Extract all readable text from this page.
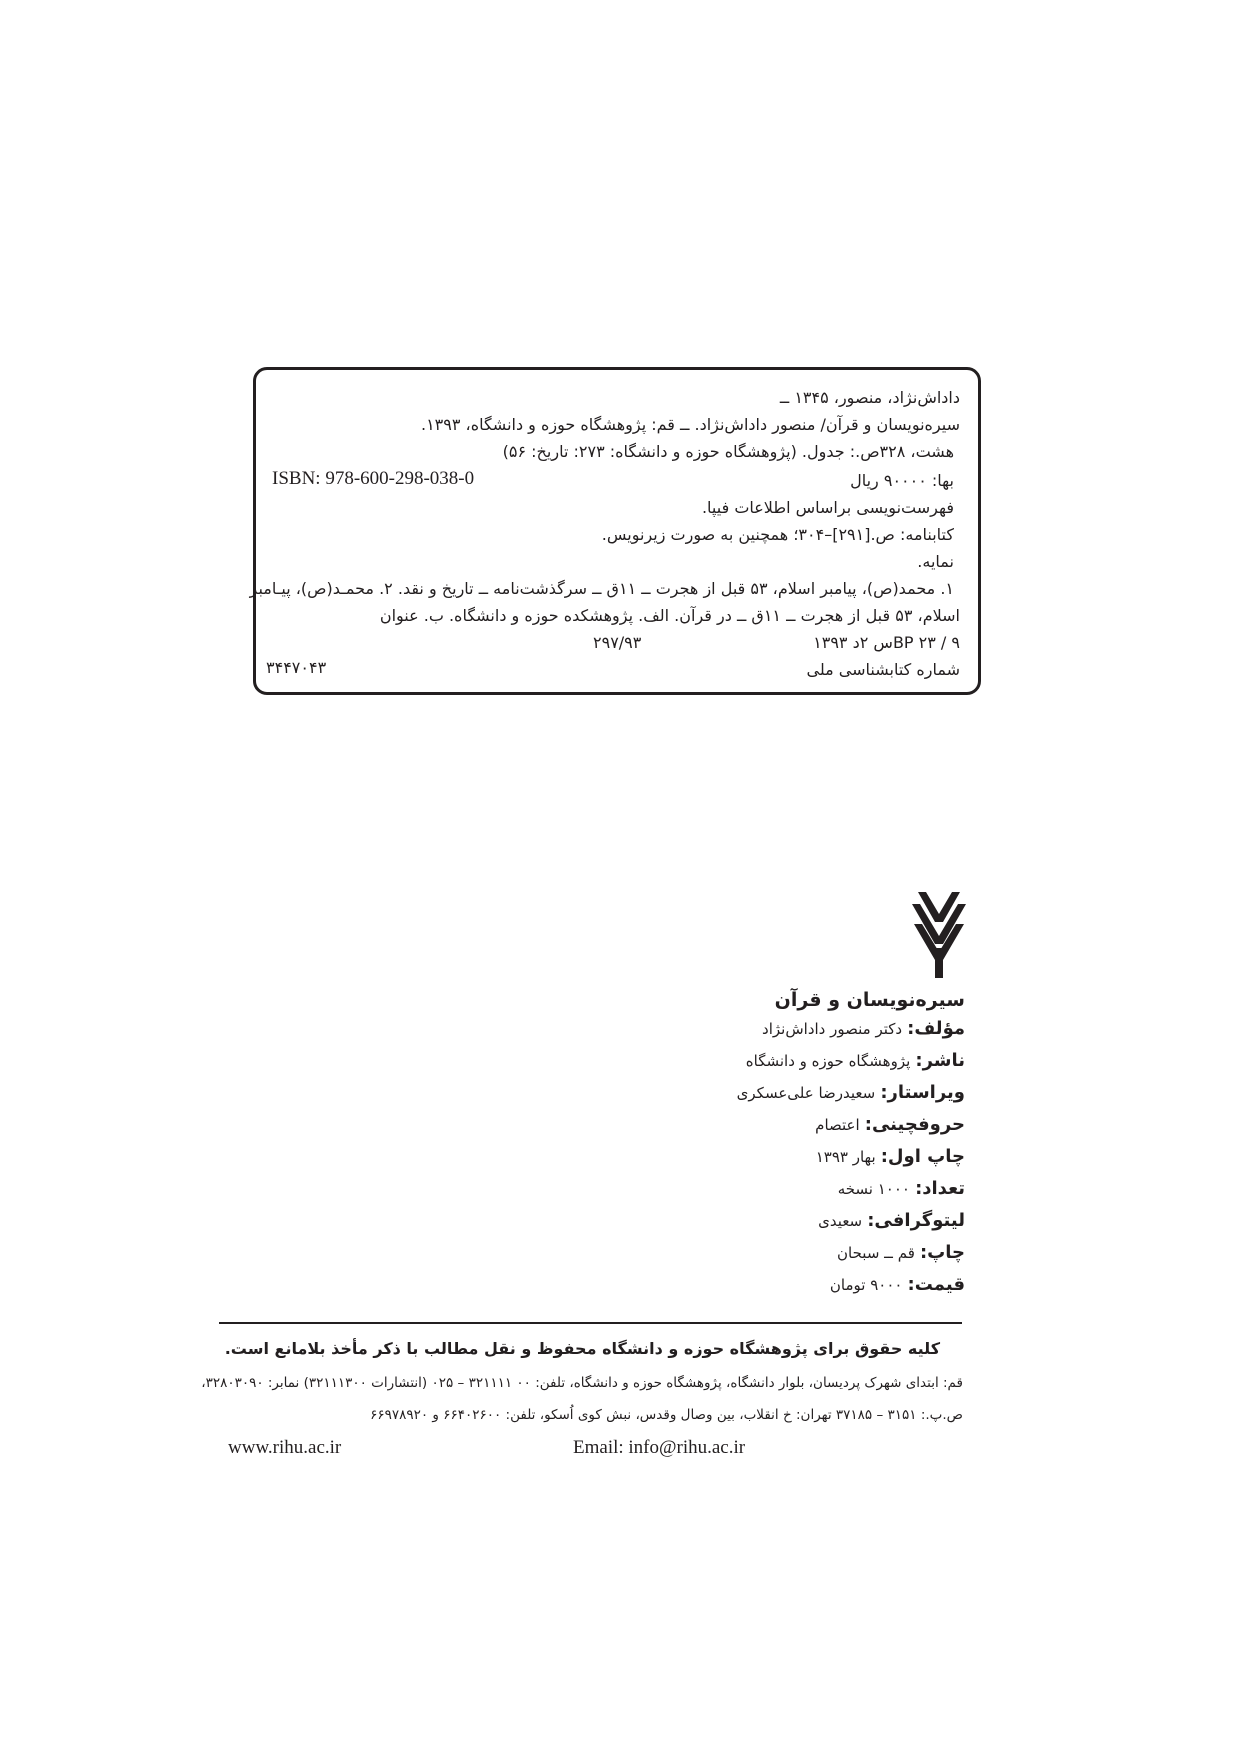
داداش‌نژاد، منصور، ۱۳۴۵ ــ
سیره‌نویسان و قرآن/ منصور داداش‌نژاد. ــ قم: پژوهشگاه حوزه و دانشگاه، ۱۳۹۳.
هشت، ۳۲۸ص.: جدول. (پژوهشگاه حوزه و دانشگاه: ۲۷۳: تاریخ: ۵۶)
ISBN: 978-600-298-038-0	بها: ۹۰۰۰۰ ریال
فهرست‌نویسی براساس اطلاعات فیپا.
کتابنامه: ص.[۲۹۱]–۳۰۴؛ همچنین به صورت زیرنویس.
نمایه.
۱. محمد(ص)، پیامبر اسلام، ۵۳ قبل از هجرت ــ ۱۱ق ــ سرگذشت‌نامه ــ تاریخ و نقد. ۲. محمـد(ص)، پیـامبر
اسلام، ۵۳ قبل از هجرت ــ ۱۱ق ــ در قرآن. الف. پژوهشکده حوزه و دانشگاه. ب. عنوان
BP ۲۳ / ۹س ۲د ۱۳۹۳
۲۹۷/۹۳
شماره کتابشناسی ملی
۳۴۴۷۰۴۳
سیره‌نویسان و قرآن
مؤلف: دکتر منصور داداش‌نژاد
ناشر: پژوهشگاه حوزه و دانشگاه
ویراستار: سعیدرضا علی‌عسکری
حروفچینی: اعتصام
چاپ اول: بهار ۱۳۹۳
تعداد: ۱۰۰۰ نسخه
لیتوگرافی: سعیدی
چاپ: قم ــ سبحان
قیمت: ۹۰۰۰ تومان
کلیه حقوق برای پژوهشگاه حوزه و دانشگاه محفوظ و نقل مطالب با ذکر مأخذ بلامانع است.
قم: ابتدای شهرک پردیسان، بلوار دانشگاه، پژوهشگاه حوزه و دانشگاه، تلفن: ۰۰ ۳۲۱۱۱۱ – ۰۲۵ (انتشارات ۳۲۱۱۱۳۰۰) نمابر: ۳۲۸۰۳۰۹۰،
ص.پ.: ۳۱۵۱ – ۳۷۱۸۵ تهران: خ انقلاب، بین وصال وقدس، نبش کوی اُسکو، تلفن: ۶۶۴۰۲۶۰۰ و ۶۶۹۷۸۹۲۰
www.rihu.ac.ir	Email: info@rihu.ac.ir
